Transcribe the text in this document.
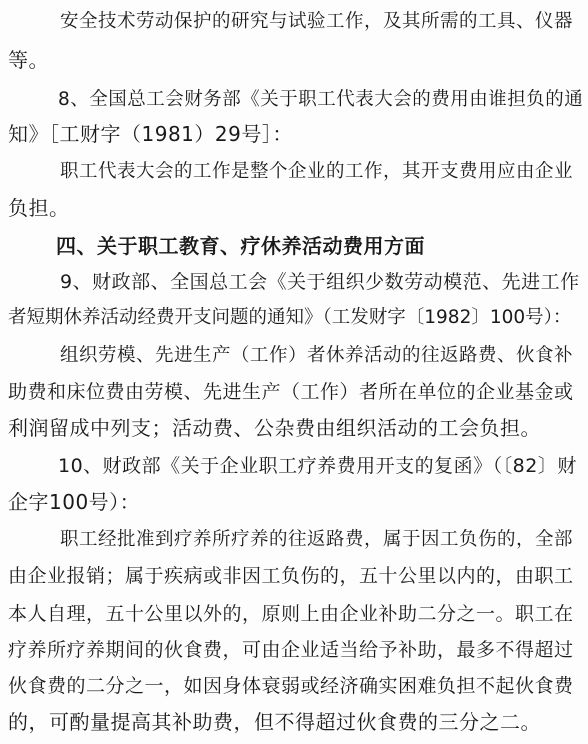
安全技术劳动保护的研究与试验工作，及其所需的工具、仪器
等。
8、全国总工会财务部《关于职工代表大会的费用由谁担负的通
知》［工财字（1981）29号］：
职工代表大会的工作是整个企业的工作，其开支费用应由企业
负担。
四、关于职工教育、疗休养活动费用方面
9、财政部、全国总工会《关于组织少数劳动模范、先进工作
者短期休养活动经费开支问题的通知》（工发财字〔1982〕100号）：
组织劳模、先进生产（工作）者休养活动的往返路费、伙食补
助费和床位费由劳模、先进生产（工作）者所在单位的企业基金或
利润留成中列支；活动费、公杂费由组织活动的工会负担。
10、财政部《关于企业职工疗养费用开支的复函》（〔82〕财
企字100号）：
职工经批准到疗养所疗养的往返路费，属于因工负伤的，全部
由企业报销；属于疾病或非因工负伤的，五十公里以内的，由职工
本人自理，五十公里以外的，原则上由企业补助二分之一。职工在
疗养所疗养期间的伙食费，可由企业适当给予补助，最多不得超过
伙食费的二分之一，如因身体衰弱或经济确实困难负担不起伙食费
的，可酌量提高其补助费，但不得超过伙食费的三分之二。
